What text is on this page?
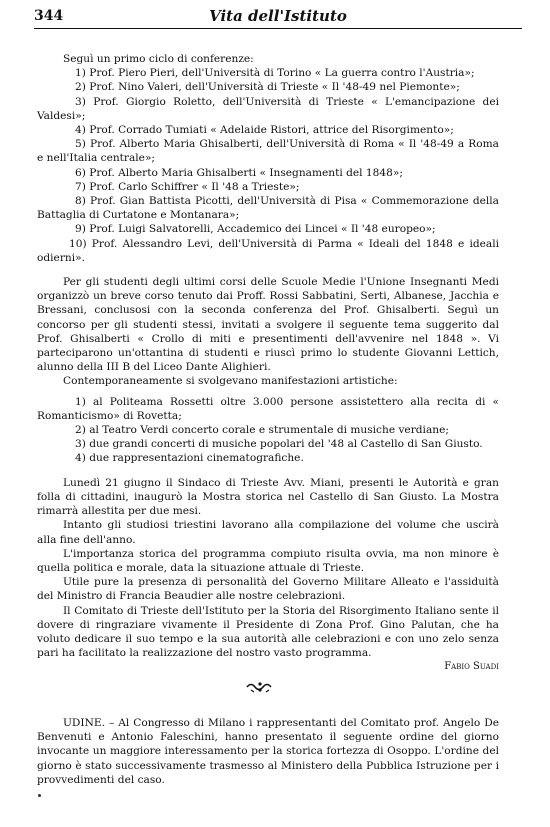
344	Vita dell'Istituto

Seguì un primo ciclo di conferenze:

1) Prof. Piero Pieri, dell'Università di Torino « La guerra contro l'Austria»;

2) Prof. Nino Valeri, dell'Università di Trieste « Il '48-49 nel Piemonte»;

3) Prof. Giorgio Roletto, dell'Università di Trieste « L'emancipazione dei Valdesi»;

4) Prof. Corrado Tumiati « Adelaide Ristori, attrice del Risorgimento»;

5) Prof. Alberto Maria Ghisalberti, dell'Università di Roma « Il '48-49 a Roma e nell'Italia centrale»;

6) Prof. Alberto Maria Ghisalberti « Insegnamenti del 1848»;

7) Prof. Carlo Schiffrer « Il '48 a Trieste»;

8) Prof. Gian Battista Picotti, dell'Università di Pisa « Commemorazione della Battaglia di Curtatone e Montanara»;

9) Prof. Luigi Salvatorelli, Accademico dei Lincei « Il '48 europeo»;

10) Prof. Alessandro Levi, dell'Università di Parma « Ideali del 1848 e ideali odierni».

Per gli studenti degli ultimi corsi delle Scuole Medie l'Unione Insegnanti Medi organizzò un breve corso tenuto dai Proff. Rossi Sabbatini, Serti, Albanese, Jacchia e Bressani, conclusosi con la seconda conferenza del Prof. Ghisalberti. Seguì un concorso per gli studenti stessi, invitati a svolgere il seguente tema suggerito dal Prof. Ghisalberti « Crollo di miti e presentimenti dell'avvenire nel 1848 ». Vi parteciparono un'ottantina di studenti e riuscì primo lo studente Giovanni Lettich, alunno della III B del Liceo Dante Alighieri.

Contemporaneamente si svolgevano manifestazioni artistiche:

1) al Politeama Rossetti oltre 3.000 persone assistettero alla recita di « Romanticismo» di Rovetta;

2) al Teatro Verdi concerto corale e strumentale di musiche verdiane;

3) due grandi concerti di musiche popolari del '48 al Castello di San Giusto.

4) due rappresentazioni cinematografiche.

Lunedì 21 giugno il Sindaco di Trieste Avv. Miani, presenti le Autorità e gran folla di cittadini, inaugurò la Mostra storica nel Castello di San Giusto. La Mostra rimarrà allestita per due mesi.

Intanto gli studiosi triestini lavorano alla compilazione del volume che uscirà alla fine dell'anno.

L'importanza storica del programma compiuto risulta ovvia, ma non minore è quella politica e morale, data la situazione attuale di Trieste.

Utile pure la presenza di personalità del Governo Militare Alleato e l'assiduità del Ministro di Francia Beaudier alle nostre celebrazioni.

Il Comitato di Trieste dell'Istituto per la Storia del Risorgimento Italiano sente il dovere di ringraziare vivamente il Presidente di Zona Prof. Gino Palutan, che ha voluto dedicare il suo tempo e la sua autorità alle celebrazioni e con uno zelo senza pari ha facilitato la realizzazione del nostro vasto programma.

Fabio Suadi

UDINE. – Al Congresso di Milano i rappresentanti del Comitato prof. Angelo De Benvenuti e Antonio Faleschini, hanno presentato il seguente ordine del giorno invocante un maggiore interessamento per la storica fortezza di Osoppo. L'ordine del giorno è stato successivamente trasmesso al Ministero della Pubblica Istruzione per i provvedimenti del caso.
